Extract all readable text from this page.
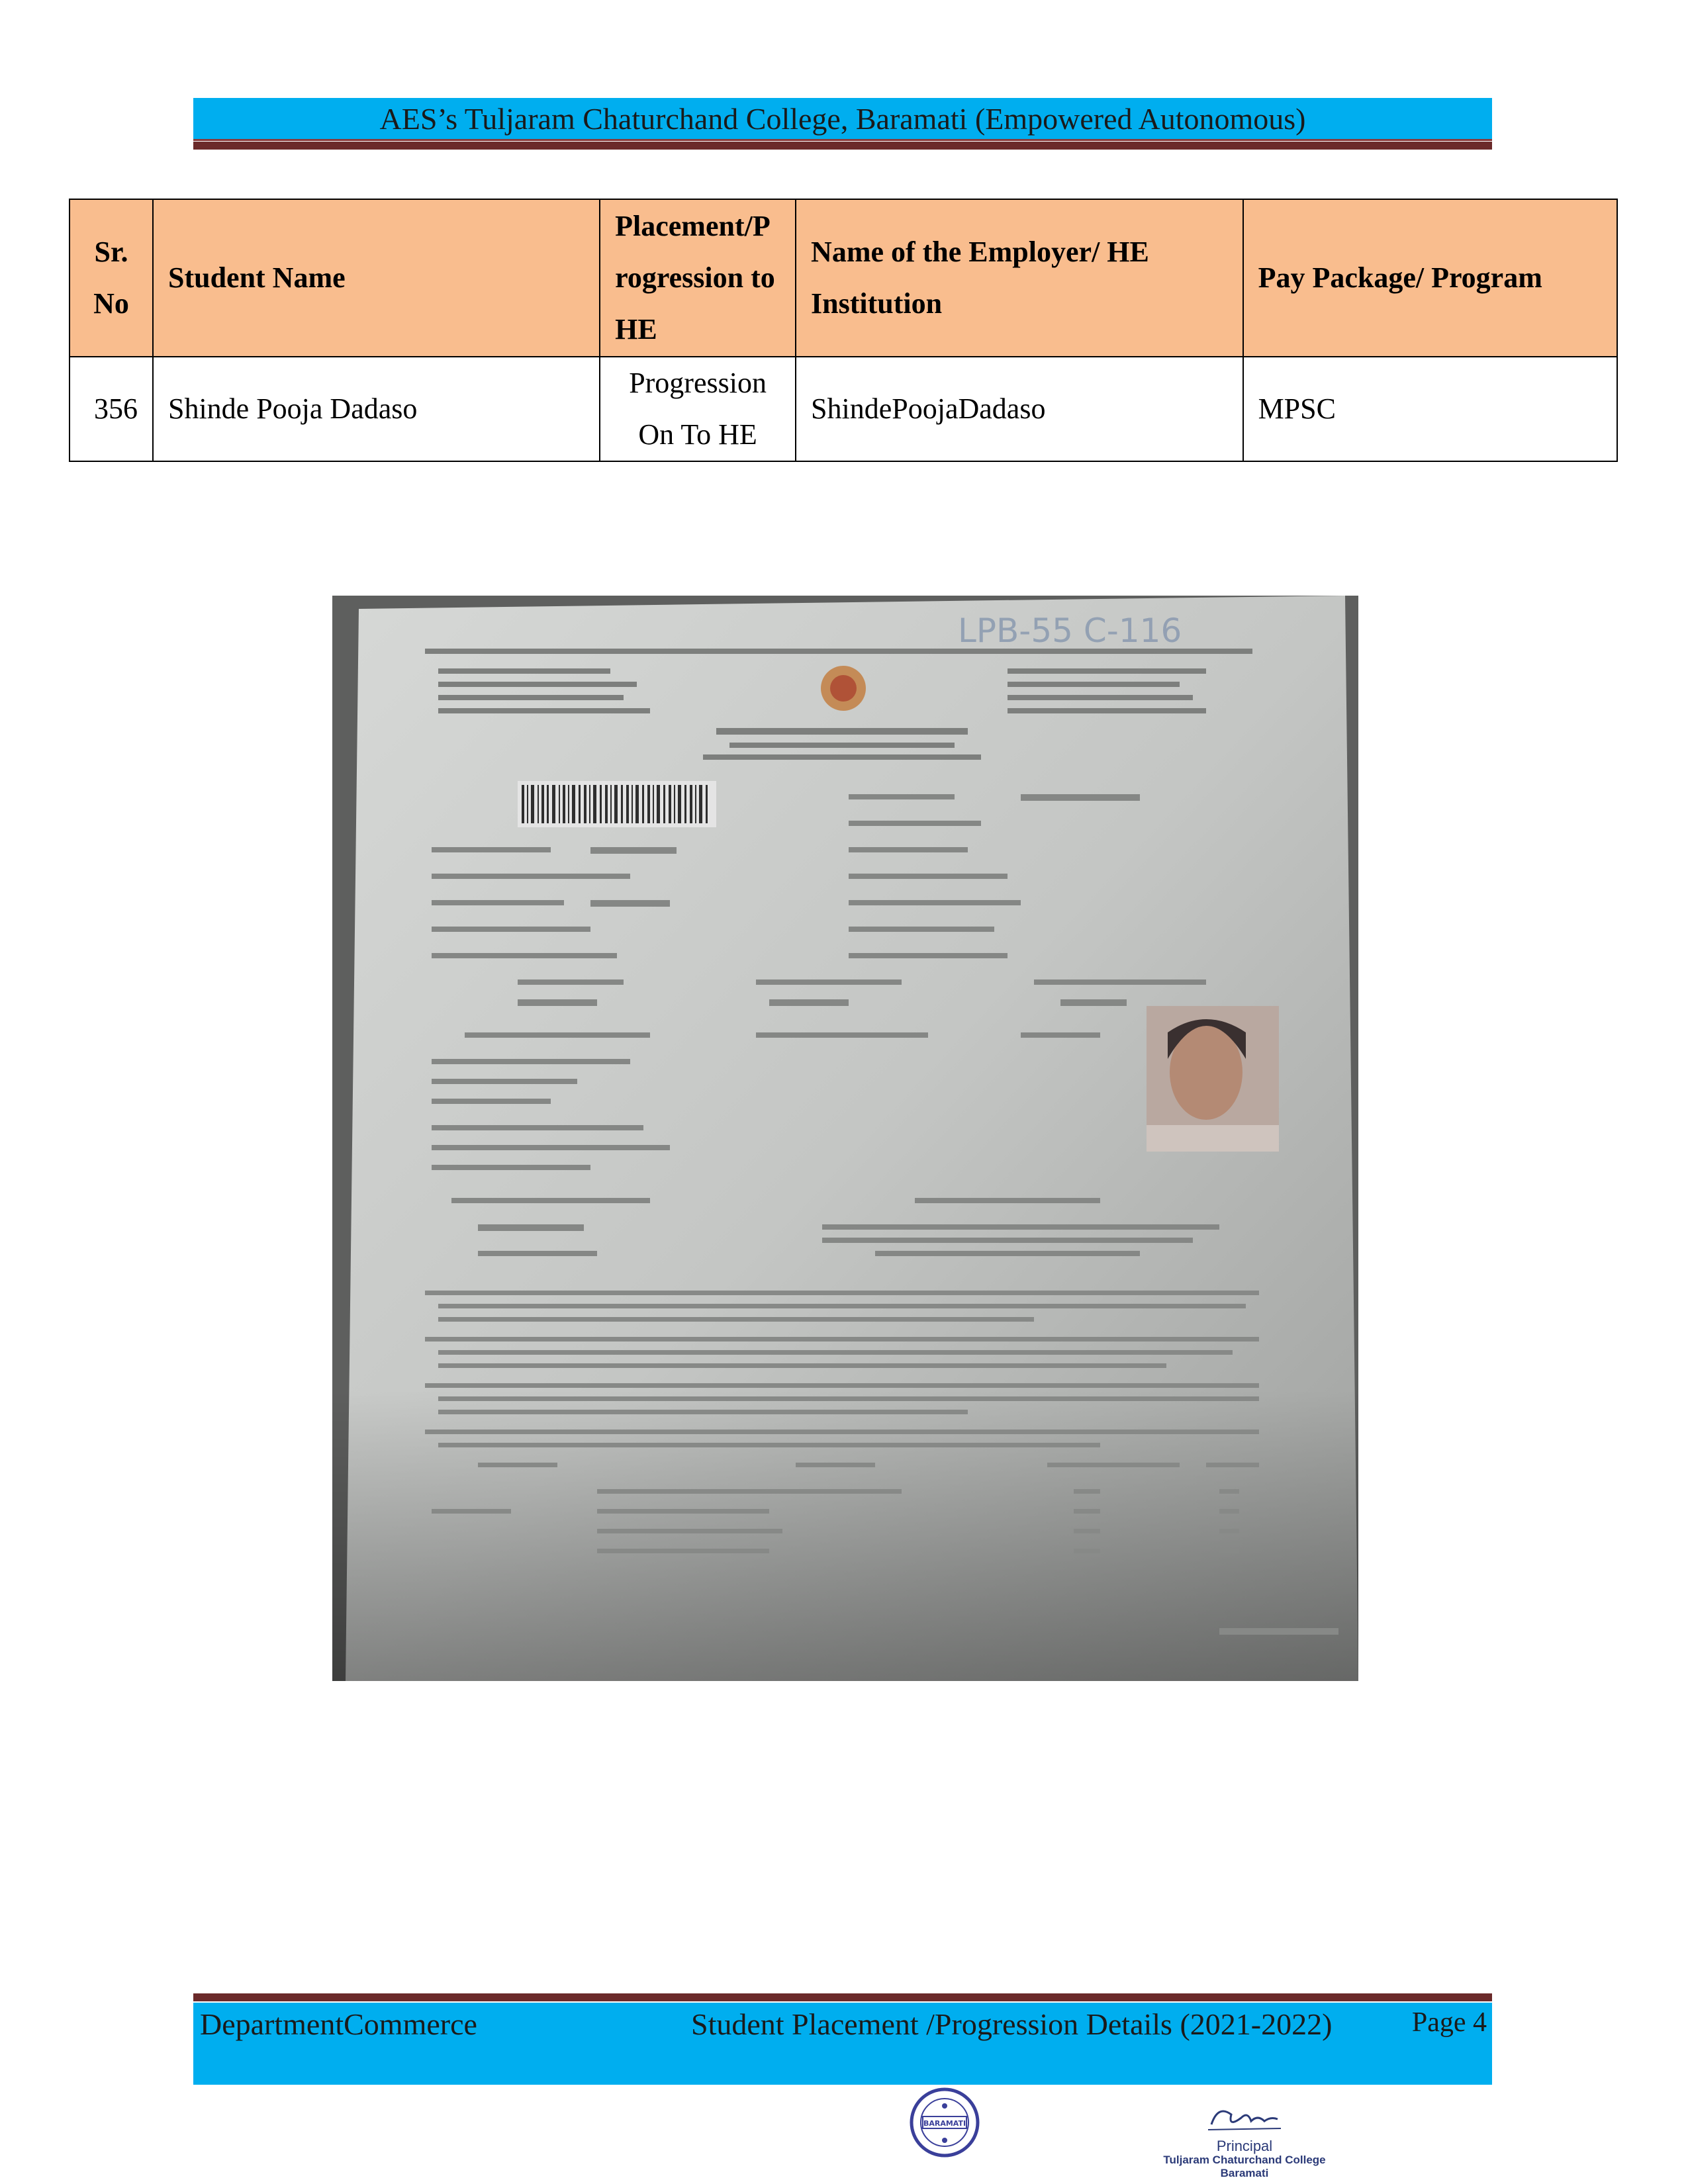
AES’s Tuljaram Chaturchand College, Baramati (Empowered Autonomous)
Sr. No	Student Name	Placement/Progression to HE	Name of the Employer/ HE Institution	Pay Package/ Program
356	Shinde Pooja Dadaso	Progression On To HE	ShindePoojaDadaso	MPSC
LPB-55 C-116
DepartmentCommerce	Student Placement /Progression Details (2021-2022)	Page 4
BARAMATI
Principal
Tuljaram Chaturchand College
Baramati
